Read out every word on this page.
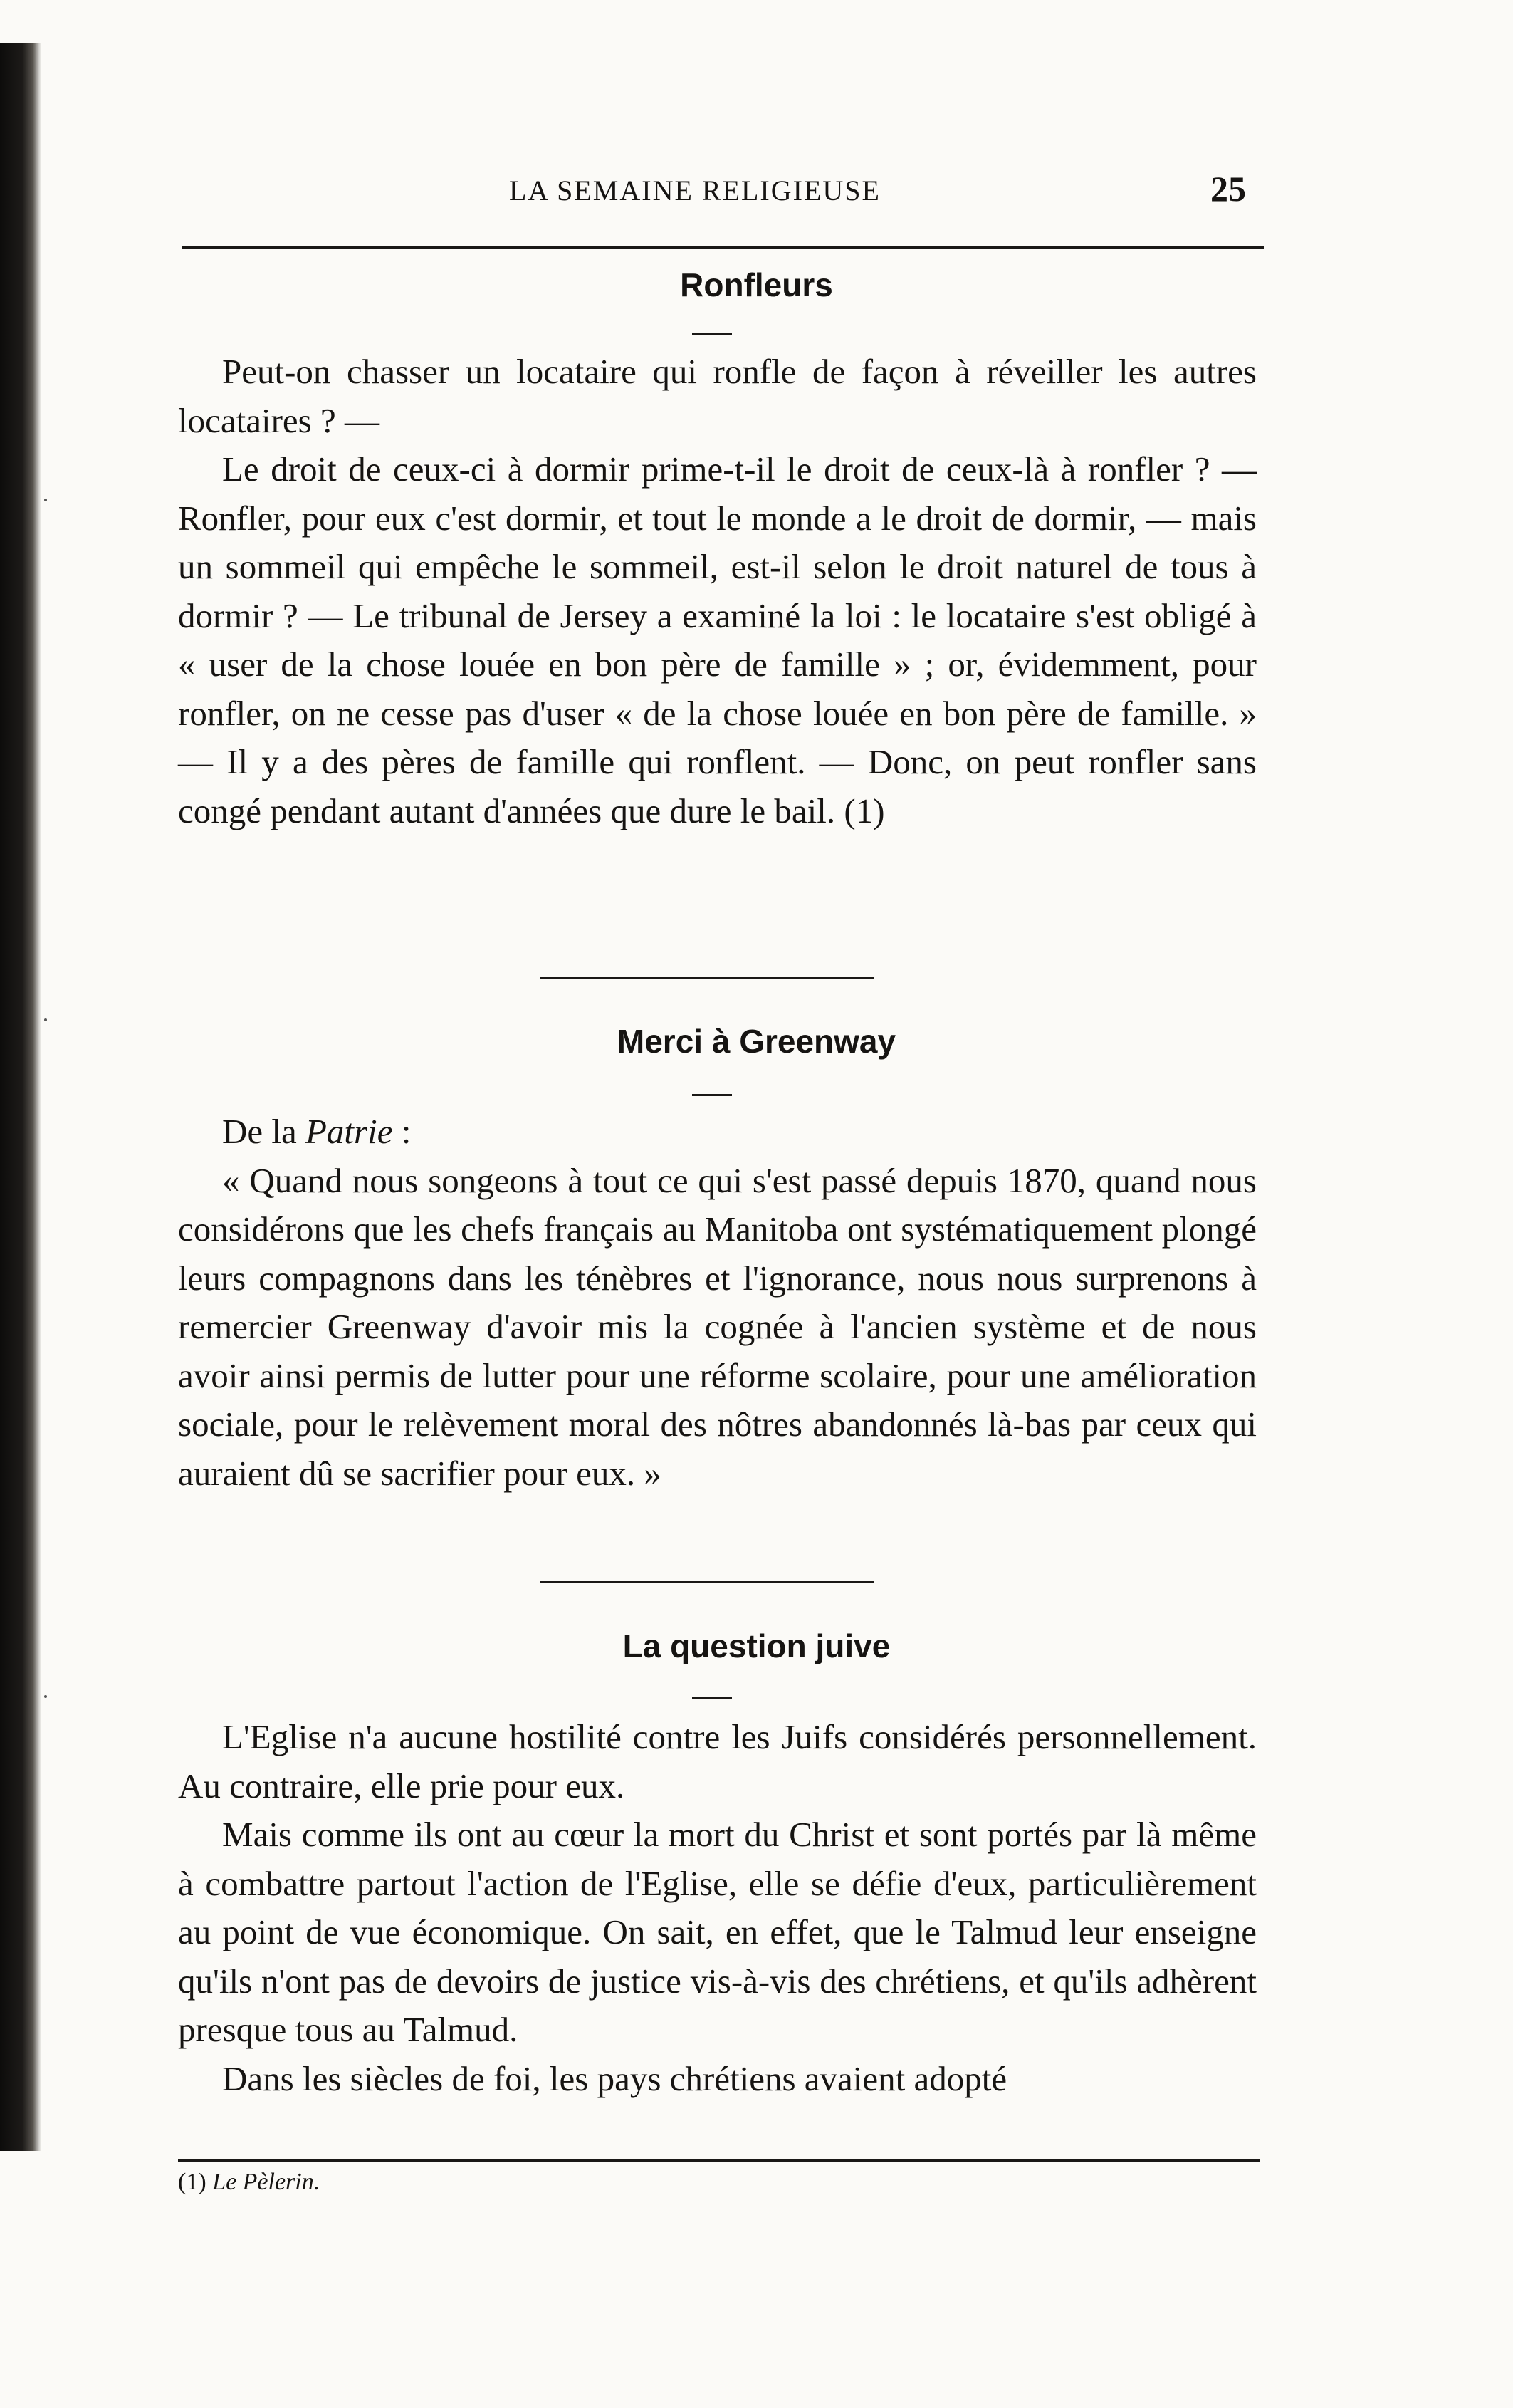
LA SEMAINE RELIGIEUSE	25
Ronfleurs

Peut-on chasser un locataire qui ronfle de façon à réveiller les autres locataires ? —

Le droit de ceux-ci à dormir prime-t-il le droit de ceux-là à ronfler ? — Ronfler, pour eux c'est dormir, et tout le monde a le droit de dormir, — mais un sommeil qui empêche le sommeil, est-il selon le droit naturel de tous à dormir ? — Le tribunal de Jersey a examiné la loi : le locataire s'est obligé à « user de la chose louée en bon père de famille » ; or, évidemment, pour ronfler, on ne cesse pas d'user « de la chose louée en bon père de famille. » — Il y a des pères de famille qui ronflent. — Donc, on peut ronfler sans congé pendant autant d'années que dure le bail. (1)

Merci à Greenway

De la Patrie :

« Quand nous songeons à tout ce qui s'est passé depuis 1870, quand nous considérons que les chefs français au Manitoba ont systématiquement plongé leurs compagnons dans les ténèbres et l'ignorance, nous nous surprenons à remercier Greenway d'avoir mis la cognée à l'ancien système et de nous avoir ainsi permis de lutter pour une réforme scolaire, pour une amélioration sociale, pour le relèvement moral des nôtres abandonnés là-bas par ceux qui auraient dû se sacrifier pour eux. »

La question juive

L'Eglise n'a aucune hostilité contre les Juifs considérés personnellement. Au contraire, elle prie pour eux.

Mais comme ils ont au cœur la mort du Christ et sont portés par là même à combattre partout l'action de l'Eglise, elle se défie d'eux, particulièrement au point de vue économique. On sait, en effet, que le Talmud leur enseigne qu'ils n'ont pas de devoirs de justice vis-à-vis des chrétiens, et qu'ils adhèrent presque tous au Talmud.

Dans les siècles de foi, les pays chrétiens avaient adopté

(1) Le Pèlerin.
